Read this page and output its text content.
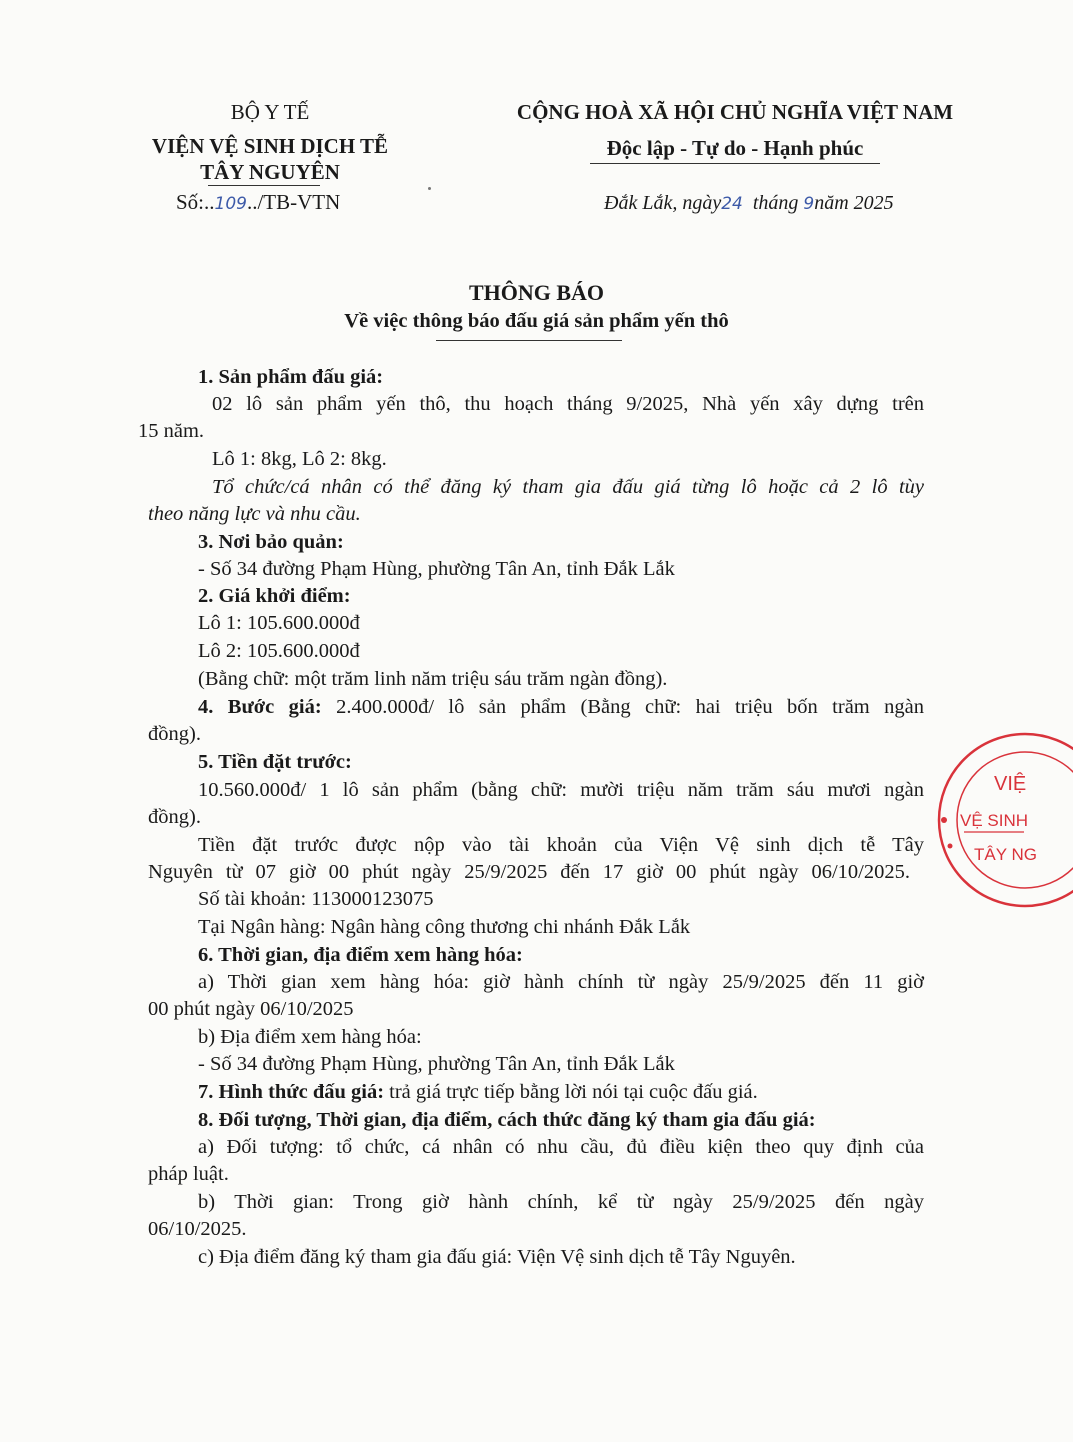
BỘ Y TẾ
VIỆN VỆ SINH DỊCH TỄ
TÂY NGUYÊN
Số:..109../TB-VTN
CỘNG HOÀ XÃ HỘI CHỦ NGHĨA VIỆT NAM
Độc lập - Tự do - Hạnh phúc
Đắk Lắk, ngày24 tháng 9năm 2025
THÔNG BÁO
Về việc thông báo đấu giá sản phẩm yến thô
1. Sản phẩm đấu giá:
02 lô sản phẩm yến thô, thu hoạch tháng 9/2025, Nhà yến xây dựng trên
15 năm.
Lô 1: 8kg, Lô 2: 8kg.
Tổ chức/cá nhân có thể đăng ký tham gia đấu giá từng lô hoặc cả 2 lô tùy
theo năng lực và nhu cầu.
3. Nơi bảo quản:
- Số 34 đường Phạm Hùng, phường Tân An, tỉnh Đắk Lắk
2. Giá khởi điểm:
Lô 1: 105.600.000đ
Lô 2: 105.600.000đ
(Bằng chữ: một trăm linh năm triệu sáu trăm ngàn đồng).
4. Bước giá: 2.400.000đ/ lô sản phẩm (Bằng chữ: hai triệu bốn trăm ngàn
đồng).
5. Tiền đặt trước:
10.560.000đ/ 1 lô sản phẩm (bằng chữ: mười triệu năm trăm sáu mươi ngàn
đồng).
Tiền đặt trước được nộp vào tài khoản của Viện Vệ sinh dịch tễ Tây
Nguyên từ 07 giờ 00 phút ngày 25/9/2025 đến 17 giờ 00 phút ngày 06/10/2025.
Số tài khoản: 113000123075
Tại Ngân hàng: Ngân hàng công thương chi nhánh Đắk Lắk
6. Thời gian, địa điểm xem hàng hóa:
a) Thời gian xem hàng hóa: giờ hành chính từ ngày 25/9/2025 đến 11 giờ
00 phút ngày 06/10/2025
b) Địa điểm xem hàng hóa:
- Số 34 đường Phạm Hùng, phường Tân An, tỉnh Đắk Lắk
7. Hình thức đấu giá: trả giá trực tiếp bằng lời nói tại cuộc đấu giá.
8. Đối tượng, Thời gian, địa điểm, cách thức đăng ký tham gia đấu giá:
a) Đối tượng: tổ chức, cá nhân có nhu cầu, đủ điều kiện theo quy định của
pháp luật.
b) Thời gian: Trong giờ hành chính, kể từ ngày 25/9/2025 đến ngày
06/10/2025.
c) Địa điểm đăng ký tham gia đấu giá: Viện Vệ sinh dịch tễ Tây Nguyên.
VIỆ
VỆ SINH
TÂY NG
